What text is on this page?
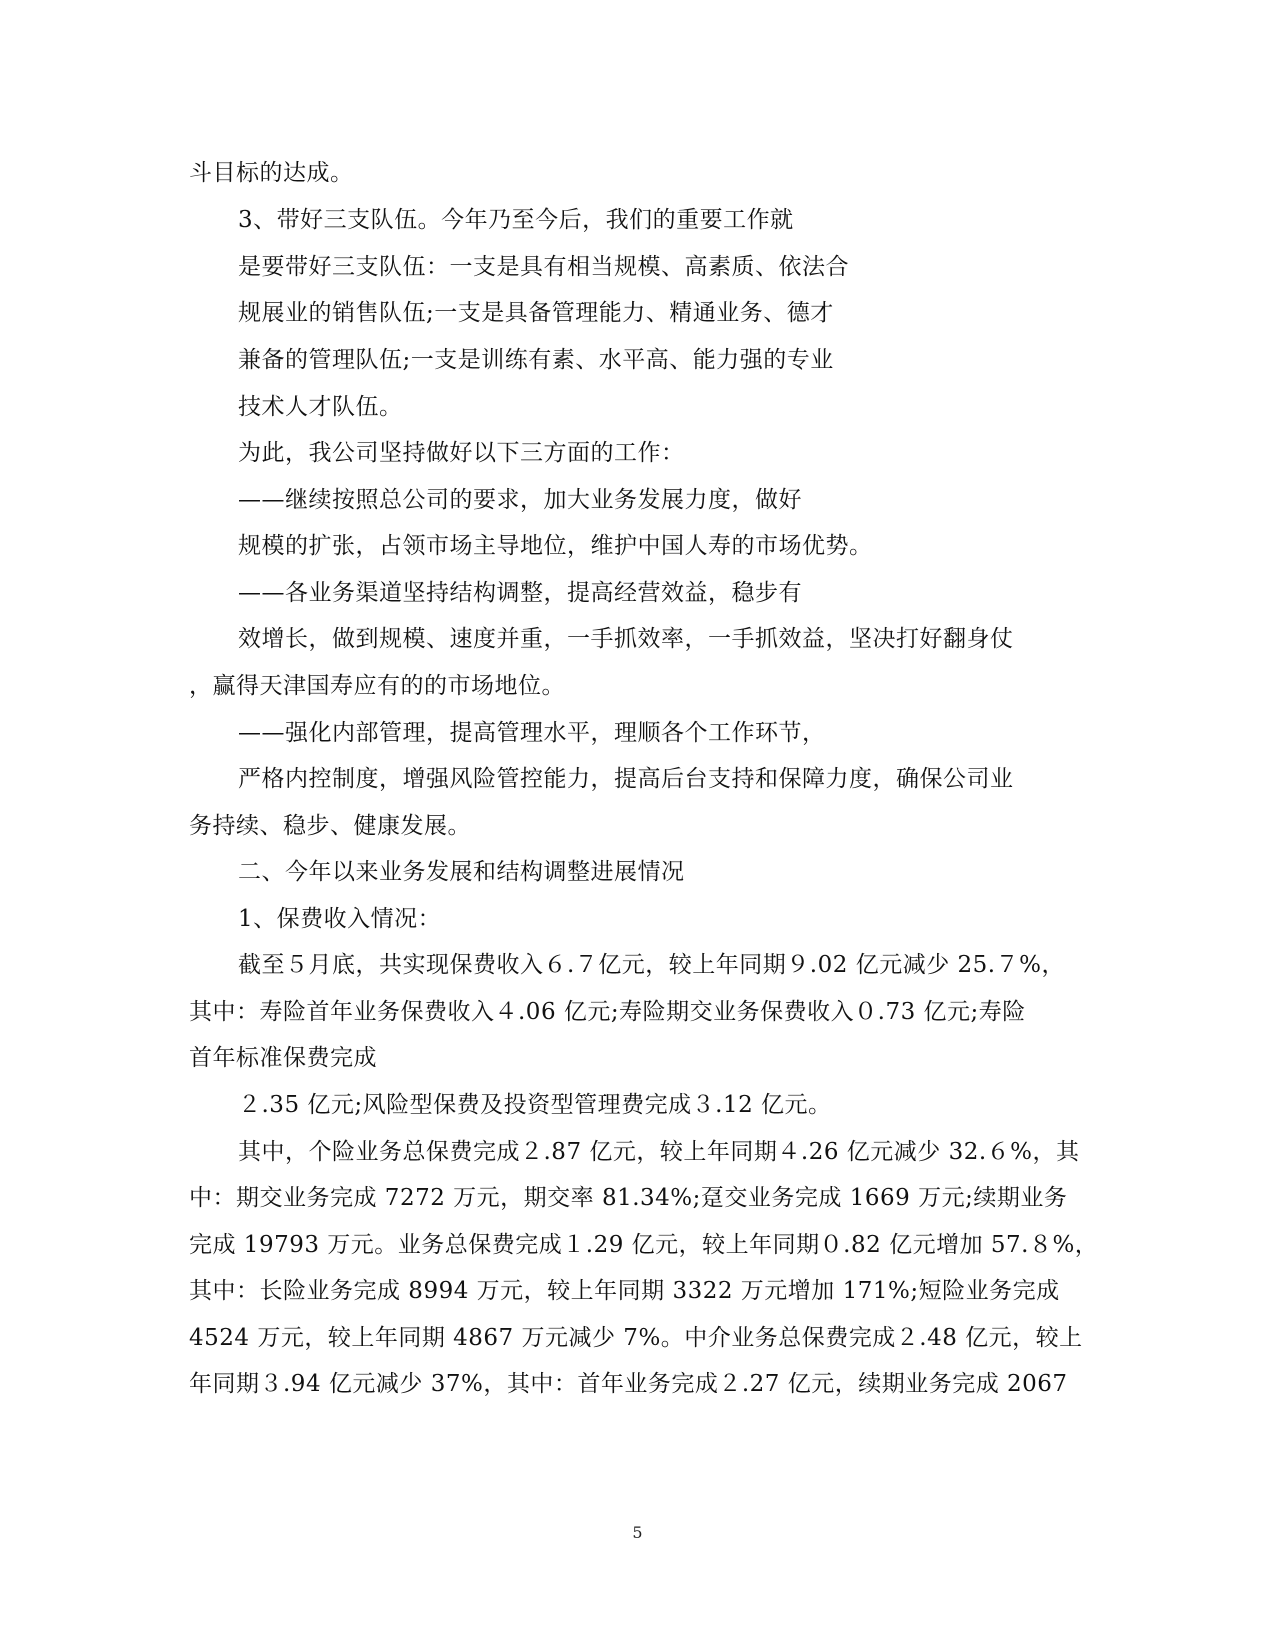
斗目标的达成。
3、带好三支队伍。今年乃至今后，我们的重要工作就
是要带好三支队伍：一支是具有相当规模、高素质、依法合
规展业的销售队伍;一支是具备管理能力、精通业务、德才
兼备的管理队伍;一支是训练有素、水平高、能力强的专业
技术人才队伍。
为此，我公司坚持做好以下三方面的工作：
——继续按照总公司的要求，加大业务发展力度，做好
规模的扩张，占领市场主导地位，维护中国人寿的市场优势。
——各业务渠道坚持结构调整，提高经营效益，稳步有
效增长，做到规模、速度并重，一手抓效率，一手抓效益，坚决打好翻身仗
，赢得天津国寿应有的的市场地位。
——强化内部管理，提高管理水平，理顺各个工作环节，
严格内控制度，增强风险管控能力，提高后台支持和保障力度，确保公司业
务持续、稳步、健康发展。
二、今年以来业务发展和结构调整进展情况
1、保费收入情况：
截至５月底，共实现保费收入６.７亿元，较上年同期９.02 亿元减少 25.７%，
其中：寿险首年业务保费收入４.06 亿元;寿险期交业务保费收入０.73 亿元;寿险
首年标准保费完成
２.35 亿元;风险型保费及投资型管理费完成３.12 亿元。
其中，个险业务总保费完成２.87 亿元，较上年同期４.26 亿元减少 32.６%，其
中：期交业务完成 7272 万元，期交率 81.34%;趸交业务完成 1669 万元;续期业务
完成 19793 万元。业务总保费完成１.29 亿元，较上年同期０.82 亿元增加 57.８%，
其中：长险业务完成 8994 万元，较上年同期 3322 万元增加 171%;短险业务完成
4524 万元，较上年同期 4867 万元减少 7%。中介业务总保费完成２.48 亿元，较上
年同期３.94 亿元减少 37%，其中：首年业务完成２.27 亿元，续期业务完成 2067
5
